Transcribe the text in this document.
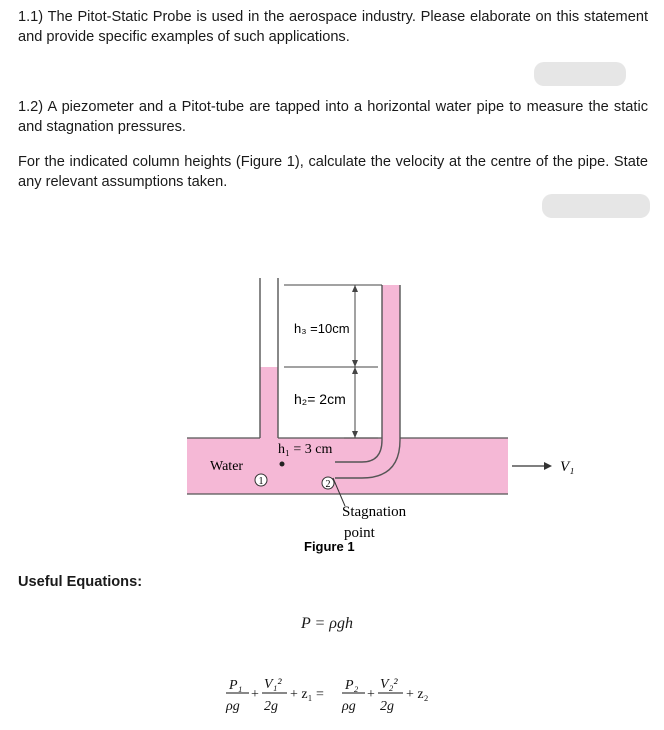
1.1) The Pitot-Static Probe is used in the aerospace industry. Please elaborate on this statement and provide specific examples of such applications.
1.2) A piezometer and a Pitot-tube are tapped into a horizontal water pipe to measure the static and stagnation pressures.
For the indicated column heights (Figure 1), calculate the velocity at the centre of the pipe. State any relevant assumptions taken.
h₃ =10cm
h₂= 2cm
h₁ = 3 cm
Water
1	2
V₁
Stagnation
point
Figure 1
P₁
ρg
+
V₁²
2g
+ z₁ =
P₂
ρg
+
V₂²
2g
+ z₂
Useful Equations:
P = ρgh
